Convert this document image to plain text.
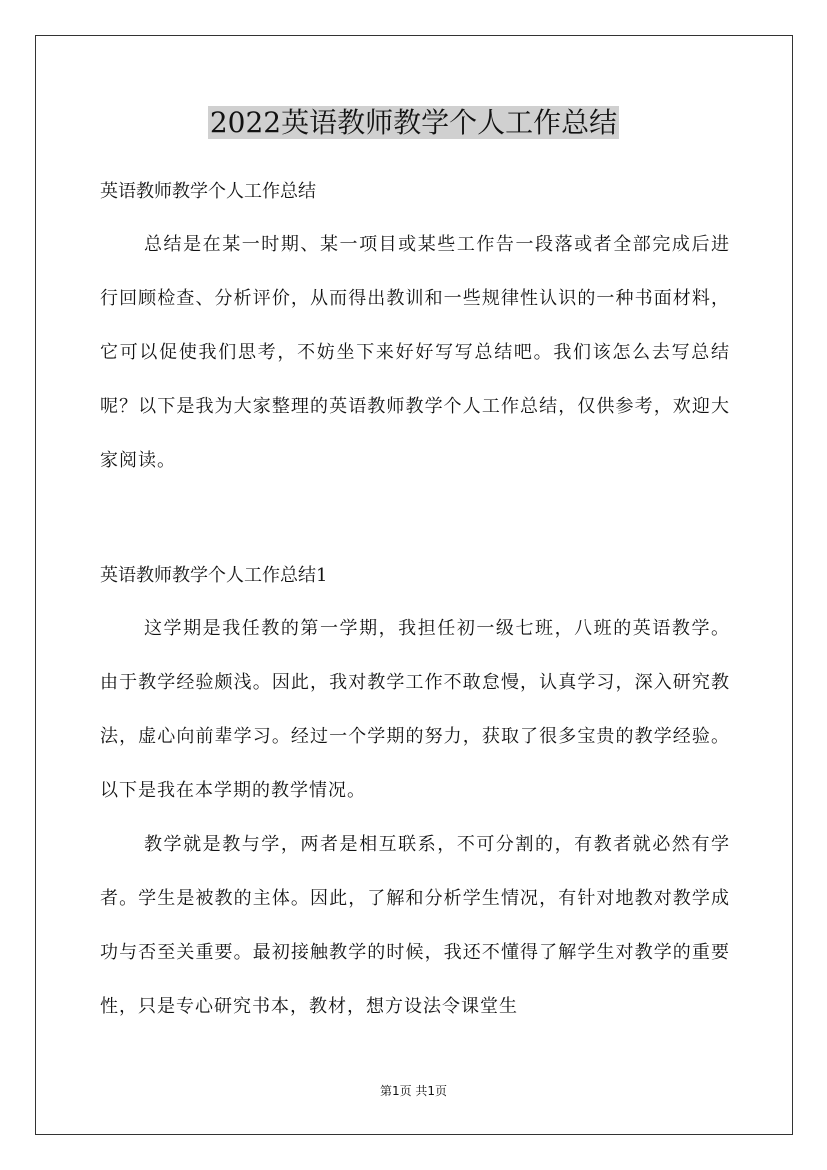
2022英语教师教学个人工作总结

英语教师教学个人工作总结

总结是在某一时期、某一项目或某些工作告一段落或者全部完成后进行回顾检查、分析评价，从而得出教训和一些规律性认识的一种书面材料，它可以促使我们思考，不妨坐下来好好写写总结吧。我们该怎么去写总结呢？以下是我为大家整理的英语教师教学个人工作总结，仅供参考，欢迎大家阅读。

英语教师教学个人工作总结1

这学期是我任教的第一学期，我担任初一级七班，八班的英语教学。由于教学经验颇浅。因此，我对教学工作不敢怠慢，认真学习，深入研究教法，虚心向前辈学习。经过一个学期的努力，获取了很多宝贵的教学经验。以下是我在本学期的教学情况。

教学就是教与学，两者是相互联系，不可分割的，有教者就必然有学者。学生是被教的主体。因此，了解和分析学生情况，有针对地教对教学成功与否至关重要。最初接触教学的时候，我还不懂得了解学生对教学的重要性，只是专心研究书本，教材，想方设法令课堂生

第1页 共1页
